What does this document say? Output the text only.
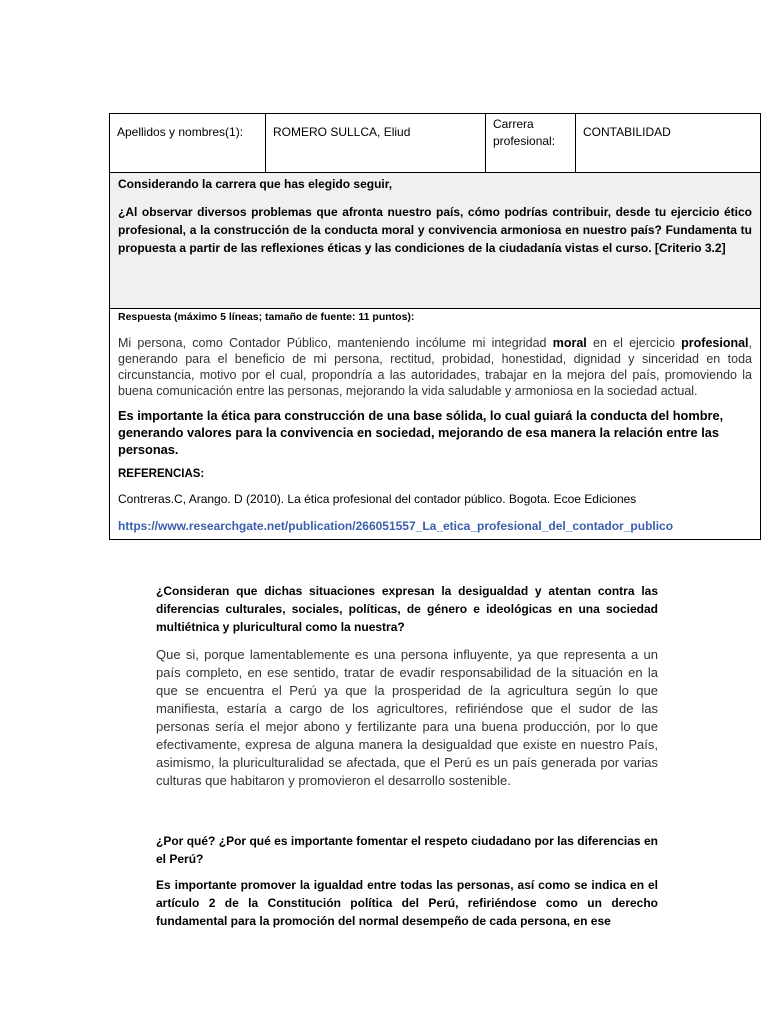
Apellidos y nombres(1):	ROMERO SULLCA, Eliud	Carrera profesional:	CONTABILIDAD

Considerando la carrera que has elegido seguir,

¿Al observar diversos problemas que afronta nuestro país, cómo podrías contribuir, desde tu ejercicio ético profesional, a la construcción de la conducta moral y convivencia armoniosa en nuestro país? Fundamenta tu propuesta a partir de las reflexiones éticas y las condiciones de la ciudadanía vistas el curso. [Criterio 3.2]

Respuesta (máximo 5 líneas; tamaño de fuente: 11 puntos):

Mi persona, como Contador Público, manteniendo incólume mi integridad moral en el ejercicio profesional, generando para el beneficio de mi persona, rectitud, probidad, honestidad, dignidad y sinceridad en toda circunstancia, motivo por el cual, propondría a las autoridades, trabajar en la mejora del país, promoviendo la buena comunicación entre las personas, mejorando la vida saludable y armoniosa en la sociedad actual.

Es importante la ética para construcción de una base sólida, lo cual guiará la conducta del hombre, generando valores para la convivencia en sociedad, mejorando de esa manera la relación entre las personas.

REFERENCIAS:

Contreras.C, Arango. D (2010). La ética profesional del contador público. Bogota. Ecoe Ediciones

https://www.researchgate.net/publication/266051557_La_etica_profesional_del_contador_publico

¿Consideran que dichas situaciones expresan la desigualdad y atentan contra las diferencias culturales, sociales, políticas, de género e ideológicas en una sociedad multiétnica y pluricultural como la nuestra?

Que si, porque lamentablemente es una persona influyente, ya que representa a un país completo, en ese sentido, tratar de evadir responsabilidad de la situación en la que se encuentra el Perú ya que la prosperidad de la agricultura según lo que manifiesta, estaría a cargo de los agricultores, refiriéndose que el sudor de las personas sería el mejor abono y fertilizante para una buena producción, por lo que efectivamente, expresa de alguna manera la desigualdad que existe en nuestro País, asimismo, la pluriculturalidad se afectada, que el Perú es un país generada por varias culturas que habitaron y promovieron el desarrollo sostenible.

¿Por qué? ¿Por qué es importante fomentar el respeto ciudadano por las diferencias en el Perú?

Es importante promover la igualdad entre todas las personas, así como se indica en el artículo 2 de la Constitución política del Perú, refiriéndose como un derecho fundamental para la promoción del normal desempeño de cada persona, en ese
